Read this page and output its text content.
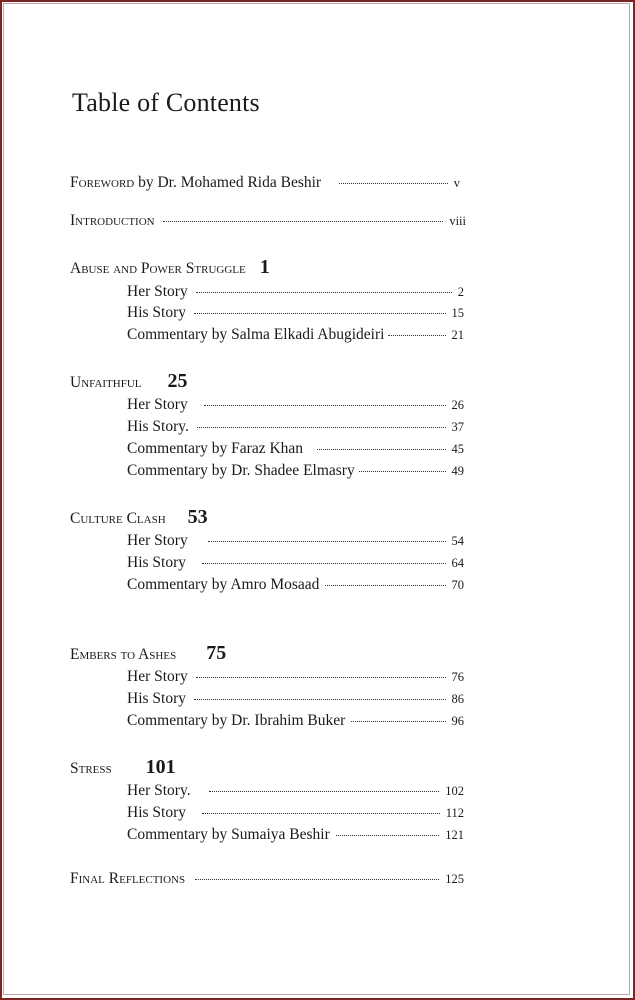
Table of Contents
Foreword by Dr. Mohamed Rida Beshir	v
Introduction	viii
Abuse and Power Struggle 1
Her Story	2
His Story	15
Commentary by Salma Elkadi Abugideiri	21
Unfaithful 25
Her Story	26
His Story.	37
Commentary by Faraz Khan	45
Commentary by Dr. Shadee Elmasry	49
Culture Clash 53
Her Story	54
His Story	64
Commentary by Amro Mosaad	70
Embers to Ashes 75
Her Story	76
His Story	86
Commentary by Dr. Ibrahim Buker	96
Stress 101
Her Story.	102
His Story	112
Commentary by Sumaiya Beshir	121
Final Reflections	125
